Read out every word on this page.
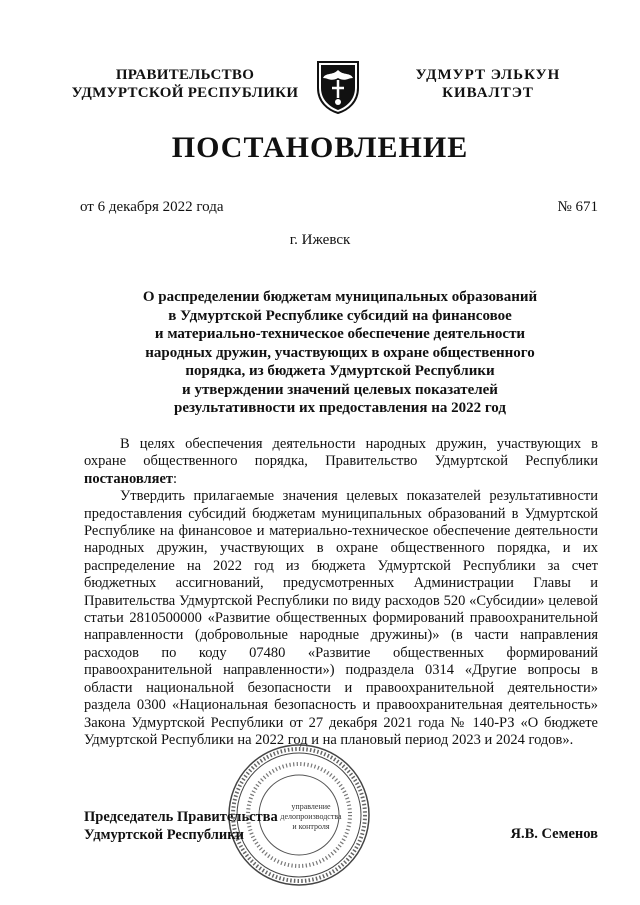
ПРАВИТЕЛЬСТВО
УДМУРТСКОЙ РЕСПУБЛИКИ
УДМУРТ ЭЛЬКУН
КИВАЛТЭТ
ПОСТАНОВЛЕНИЕ
от 6 декабря 2022 года	№ 671
г. Ижевск
О распределении бюджетам муниципальных образований
в Удмуртской Республике субсидий на финансовое
и материально-техническое обеспечение деятельности
народных дружин, участвующих в охране общественного
порядка, из бюджета Удмуртской Республики
и утверждении значений целевых показателей
результативности их предоставления на 2022 год

В целях обеспечения деятельности народных дружин, участвующих в охране общественного порядка, Правительство Удмуртской Республики постановляет:

Утвердить прилагаемые значения целевых показателей результативности предоставления субсидий бюджетам муниципальных образований в Удмуртской Республике на финансовое и материально-техническое обеспечение деятельности народных дружин, участвующих в охране общественного порядка, и их распределение на 2022 год из бюджета Удмуртской Республики за счет бюджетных ассигнований, предусмотренных Администрации Главы и Правительства Удмуртской Республики по виду расходов 520 «Субсидии» целевой статьи 2810500000 «Развитие общественных формирований правоохранительной направленности (добровольные народные дружины)» (в части направления расходов по коду 07480 «Развитие общественных формирований правоохранительной направленности») подраздела 0314 «Другие вопросы в области национальной безопасности и правоохранительной деятельности» раздела 0300 «Национальная безопасность и правоохранительная деятельность» Закона Удмуртской Республики от 27 декабря 2021 года № 140-РЗ «О бюджете Удмуртской Республики на 2022 год и на плановый период 2023 и 2024 годов».

управление
делопроизводства
и контроля
Председатель Правительства
Удмуртской Республики	Я.В. Семенов
